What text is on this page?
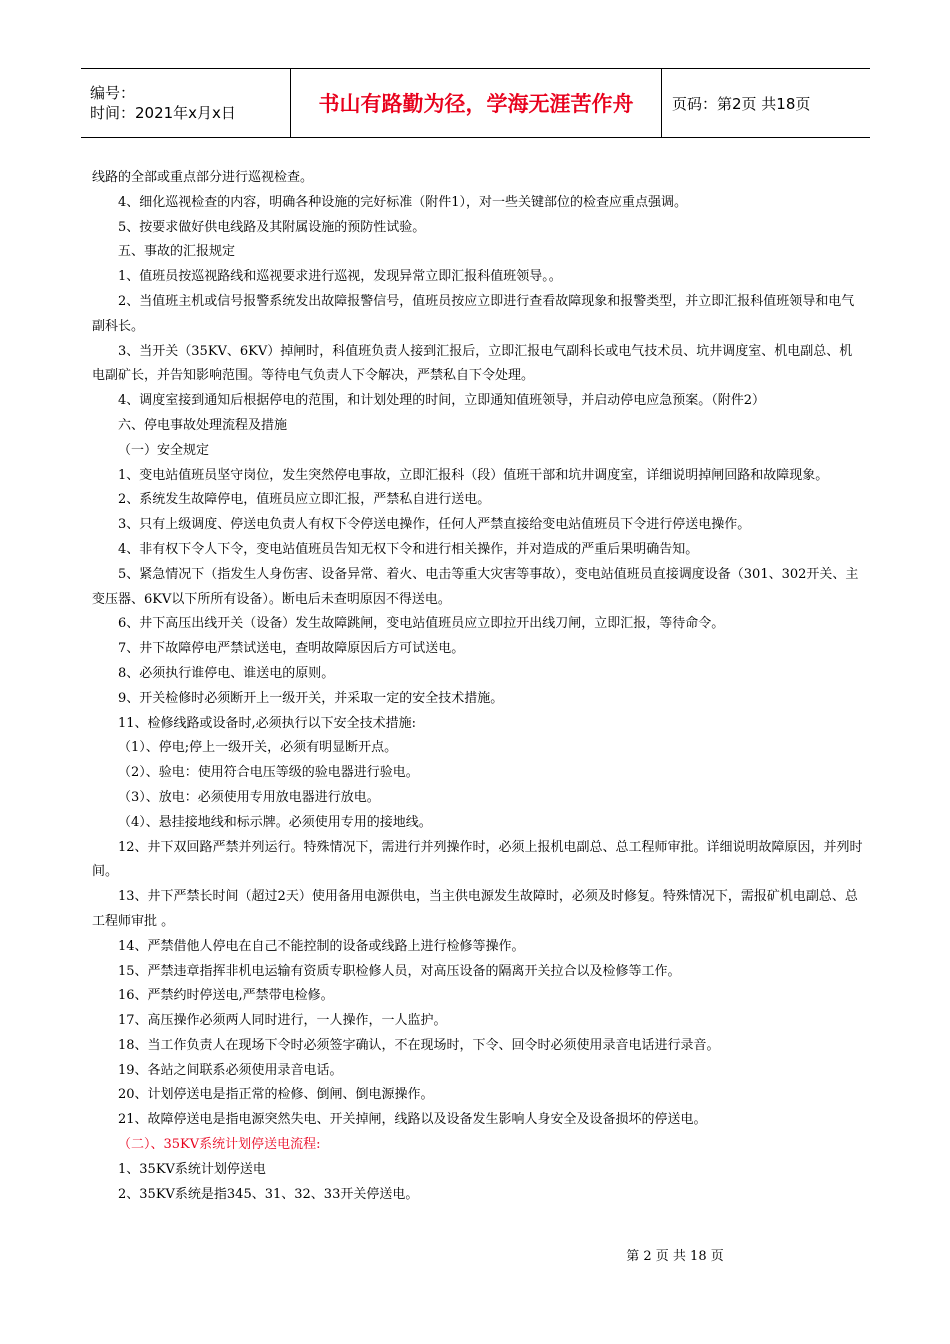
编号：
时间：2021年x月x日	书山有路勤为径，学海无涯苦作舟	页码：第2页 共18页

线路的全部或重点部分进行巡视检查。

4、细化巡视检查的内容，明确各种设施的完好标准（附件1），对一些关键部位的检查应重点强调。

5、按要求做好供电线路及其附属设施的预防性试验。

五、事故的汇报规定

1、值班员按巡视路线和巡视要求进行巡视，发现异常立即汇报科值班领导。。

2、当值班主机或信号报警系统发出故障报警信号，值班员按应立即进行查看故障现象和报警类型，并立即汇报科值班领导和电气副科长。

3、当开关（35KV、6KV）掉闸时，科值班负责人接到汇报后，立即汇报电气副科长或电气技术员、坑井调度室、机电副总、机电副矿长，并告知影响范围。等待电气负责人下令解决，严禁私自下令处理。

4、调度室接到通知后根据停电的范围，和计划处理的时间，立即通知值班领导，并启动停电应急预案。（附件2）

六、停电事故处理流程及措施

（一）安全规定

1、变电站值班员坚守岗位，发生突然停电事故，立即汇报科（段）值班干部和坑井调度室，详细说明掉闸回路和故障现象。

2、系统发生故障停电，值班员应立即汇报，严禁私自进行送电。

3、只有上级调度、停送电负责人有权下令停送电操作，任何人严禁直接给变电站值班员下令进行停送电操作。

4、非有权下令人下令，变电站值班员告知无权下令和进行相关操作，并对造成的严重后果明确告知。

5、紧急情况下（指发生人身伤害、设备异常、着火、电击等重大灾害等事故），变电站值班员直接调度设备（301、302开关、主变压器、6KV以下所所有设备）。断电后未查明原因不得送电。

6、井下高压出线开关（设备）发生故障跳闸，变电站值班员应立即拉开出线刀闸，立即汇报，等待命令。

7、井下故障停电严禁试送电，查明故障原因后方可试送电。

8、必须执行谁停电、谁送电的原则。

9、开关检修时必须断开上一级开关，并采取一定的安全技术措施。

11、检修线路或设备时,必须执行以下安全技术措施:

（1）、停电;停上一级开关，必须有明显断开点。

（2）、验电：使用符合电压等级的验电器进行验电。

（3）、放电：必须使用专用放电器进行放电。

（4）、悬挂接地线和标示牌。必须使用专用的接地线。

12、井下双回路严禁并列运行。特殊情况下，需进行并列操作时，必须上报机电副总、总工程师审批。详细说明故障原因，并列时间。

13、井下严禁长时间（超过2天）使用备用电源供电，当主供电源发生故障时，必须及时修复。特殊情况下，需报矿机电副总、总工程师审批 。

14、严禁借他人停电在自己不能控制的设备或线路上进行检修等操作。

15、严禁违章指挥非机电运输有资质专职检修人员，对高压设备的隔离开关拉合以及检修等工作。

16、严禁约时停送电,严禁带电检修。

17、高压操作必须两人同时进行，一人操作，一人监护。

18、当工作负责人在现场下令时必须签字确认，不在现场时，下令、回令时必须使用录音电话进行录音。

19、各站之间联系必须使用录音电话。

20、计划停送电是指正常的检修、倒闸、倒电源操作。

21、故障停送电是指电源突然失电、开关掉闸，线路以及设备发生影响人身安全及设备损坏的停送电。

（二）、35KV系统计划停送电流程:

1、35KV系统计划停送电

2、35KV系统是指345、31、32、33开关停送电。

第 2 页 共 18 页
